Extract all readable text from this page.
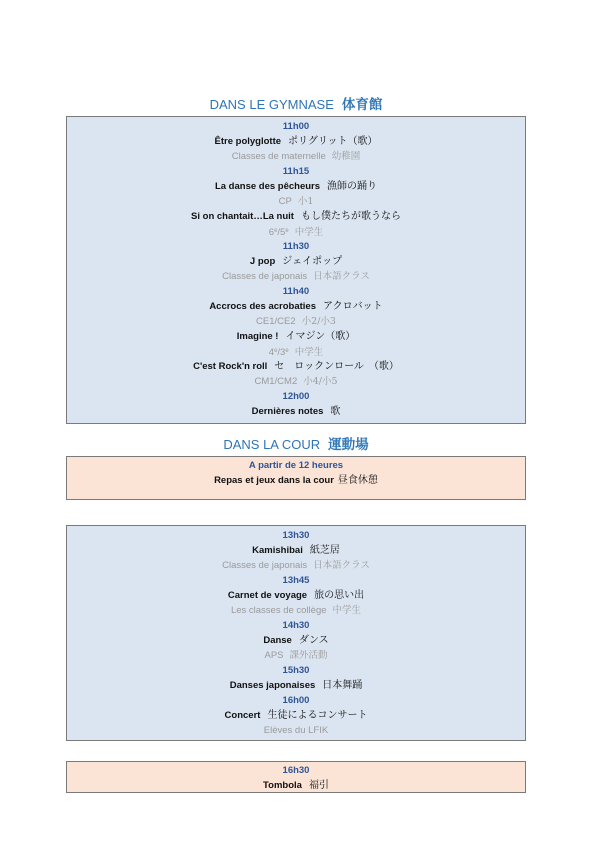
DANS LE GYMNASE 体育館
11h00
Être polyglotte ポリグリット（歌）
Classes de maternelle 幼稚園
11h15
La danse des pêcheurs 漁師の踊り
CP 小1
Si on chantait…La nuit もし僕たちが歌うなら
6e/5e 中学生
11h30
J pop ジェイポップ
Classes de japonais 日本語クラス
11h40
Accrocs des acrobaties アクロバット
CE1/CE2 小2/小3
Imagine ! イマジン（歌）
4e/3e 中学生
C'est Rock'n roll セ　ロックンロール　（歌）
CM1/CM2 小4/小5
12h00
Dernières notes 歌
DANS LA COUR 運動場
A partir de 12 heures
Repas et jeux dans la cour 昼食休憩
13h30
Kamishibai 紙芝居
Classes de japonais 日本語クラス
13h45
Carnet de voyage 旅の思い出
Les classes de collège 中学生
14h30
Danse ダンス
APS 課外活動
15h30
Danses japonaises 日本舞踊
16h00
Concert 生徒によるコンサート
Elèves du LFIK
16h30
Tombola 福引
